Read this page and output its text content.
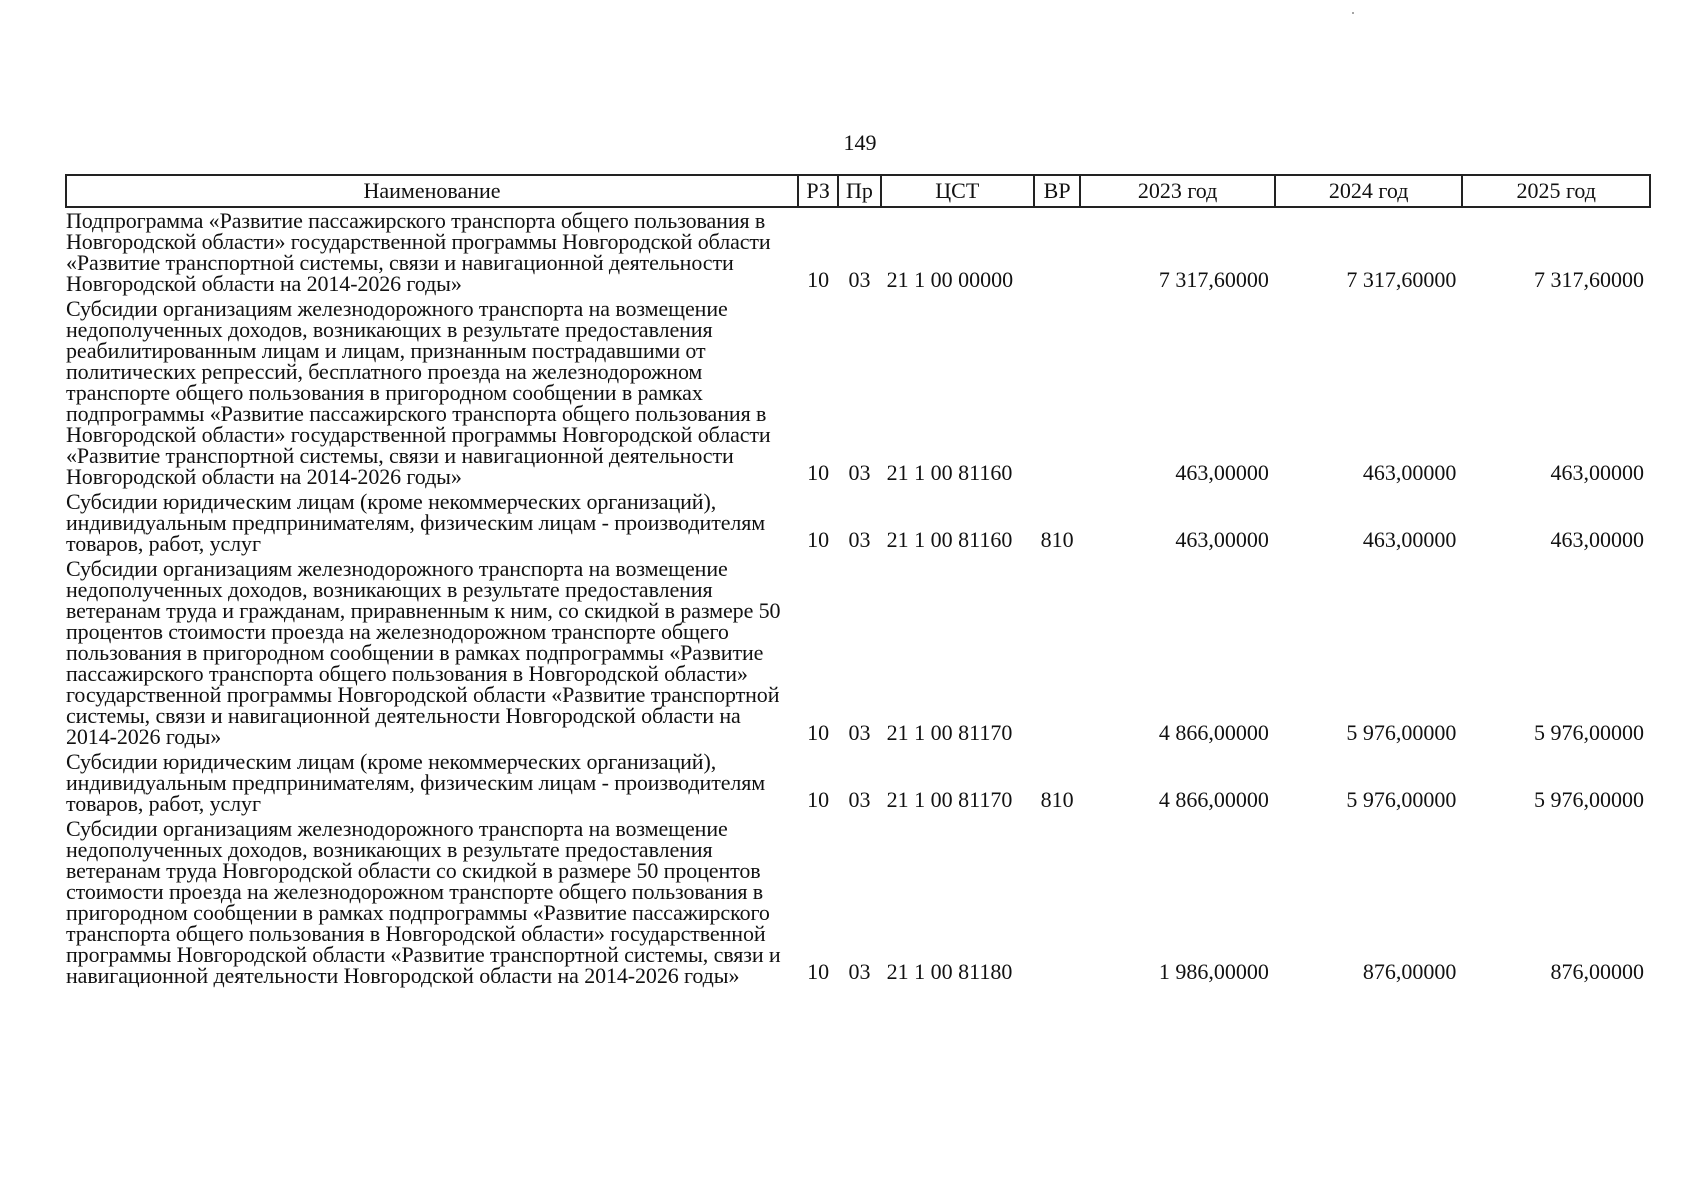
149
Наименование	РЗ	Пр	ЦСТ	ВР	2023 год	2024 год	2025 год
Подпрограмма «Развитие пассажирского транспорта общего пользования в Новгородской области» государственной программы Новгородской области «Развитие транспортной системы, связи и навигационной деятельности Новгородской области на 2014-2026 годы»	10	03	21 1 00 00000		7 317,60000	7 317,60000	7 317,60000
Субсидии организациям железнодорожного транспорта на возмещение недополученных доходов, возникающих в результате предоставления реабилитированным лицам и лицам, признанным пострадавшими от политических репрессий, бесплатного проезда на железнодорожном транспорте общего пользования в пригородном сообщении в рамках подпрограммы «Развитие пассажирского транспорта общего пользования в Новгородской области» государственной программы Новгородской области «Развитие транспортной системы, связи и навигационной деятельности Новгородской области на 2014-2026 годы»	10	03	21 1 00 81160		463,00000	463,00000	463,00000
Субсидии юридическим лицам (кроме некоммерческих организаций), индивидуальным предпринимателям, физическим лицам - производителям товаров, работ, услуг	10	03	21 1 00 81160	810	463,00000	463,00000	463,00000
Субсидии организациям железнодорожного транспорта на возмещение недополученных доходов, возникающих в результате предоставления ветеранам труда и гражданам, приравненным к ним, со скидкой в размере 50 процентов стоимости проезда на железнодорожном транспорте общего пользования в пригородном сообщении в рамках подпрограммы «Развитие пассажирского транспорта общего пользования в Новгородской области» государственной программы Новгородской области «Развитие транспортной системы, связи и навигационной деятельности Новгородской области на 2014-2026 годы»	10	03	21 1 00 81170		4 866,00000	5 976,00000	5 976,00000
Субсидии юридическим лицам (кроме некоммерческих организаций), индивидуальным предпринимателям, физическим лицам - производителям товаров, работ, услуг	10	03	21 1 00 81170	810	4 866,00000	5 976,00000	5 976,00000
Субсидии организациям железнодорожного транспорта на возмещение недополученных доходов, возникающих в результате предоставления ветеранам труда Новгородской области со скидкой в размере 50 процентов стоимости проезда на железнодорожном транспорте общего пользования в пригородном сообщении в рамках подпрограммы «Развитие пассажирского транспорта общего пользования в Новгородской области» государственной программы Новгородской области «Развитие транспортной системы, связи и навигационной деятельности Новгородской области на 2014-2026 годы»	10	03	21 1 00 81180		1 986,00000	876,00000	876,00000
